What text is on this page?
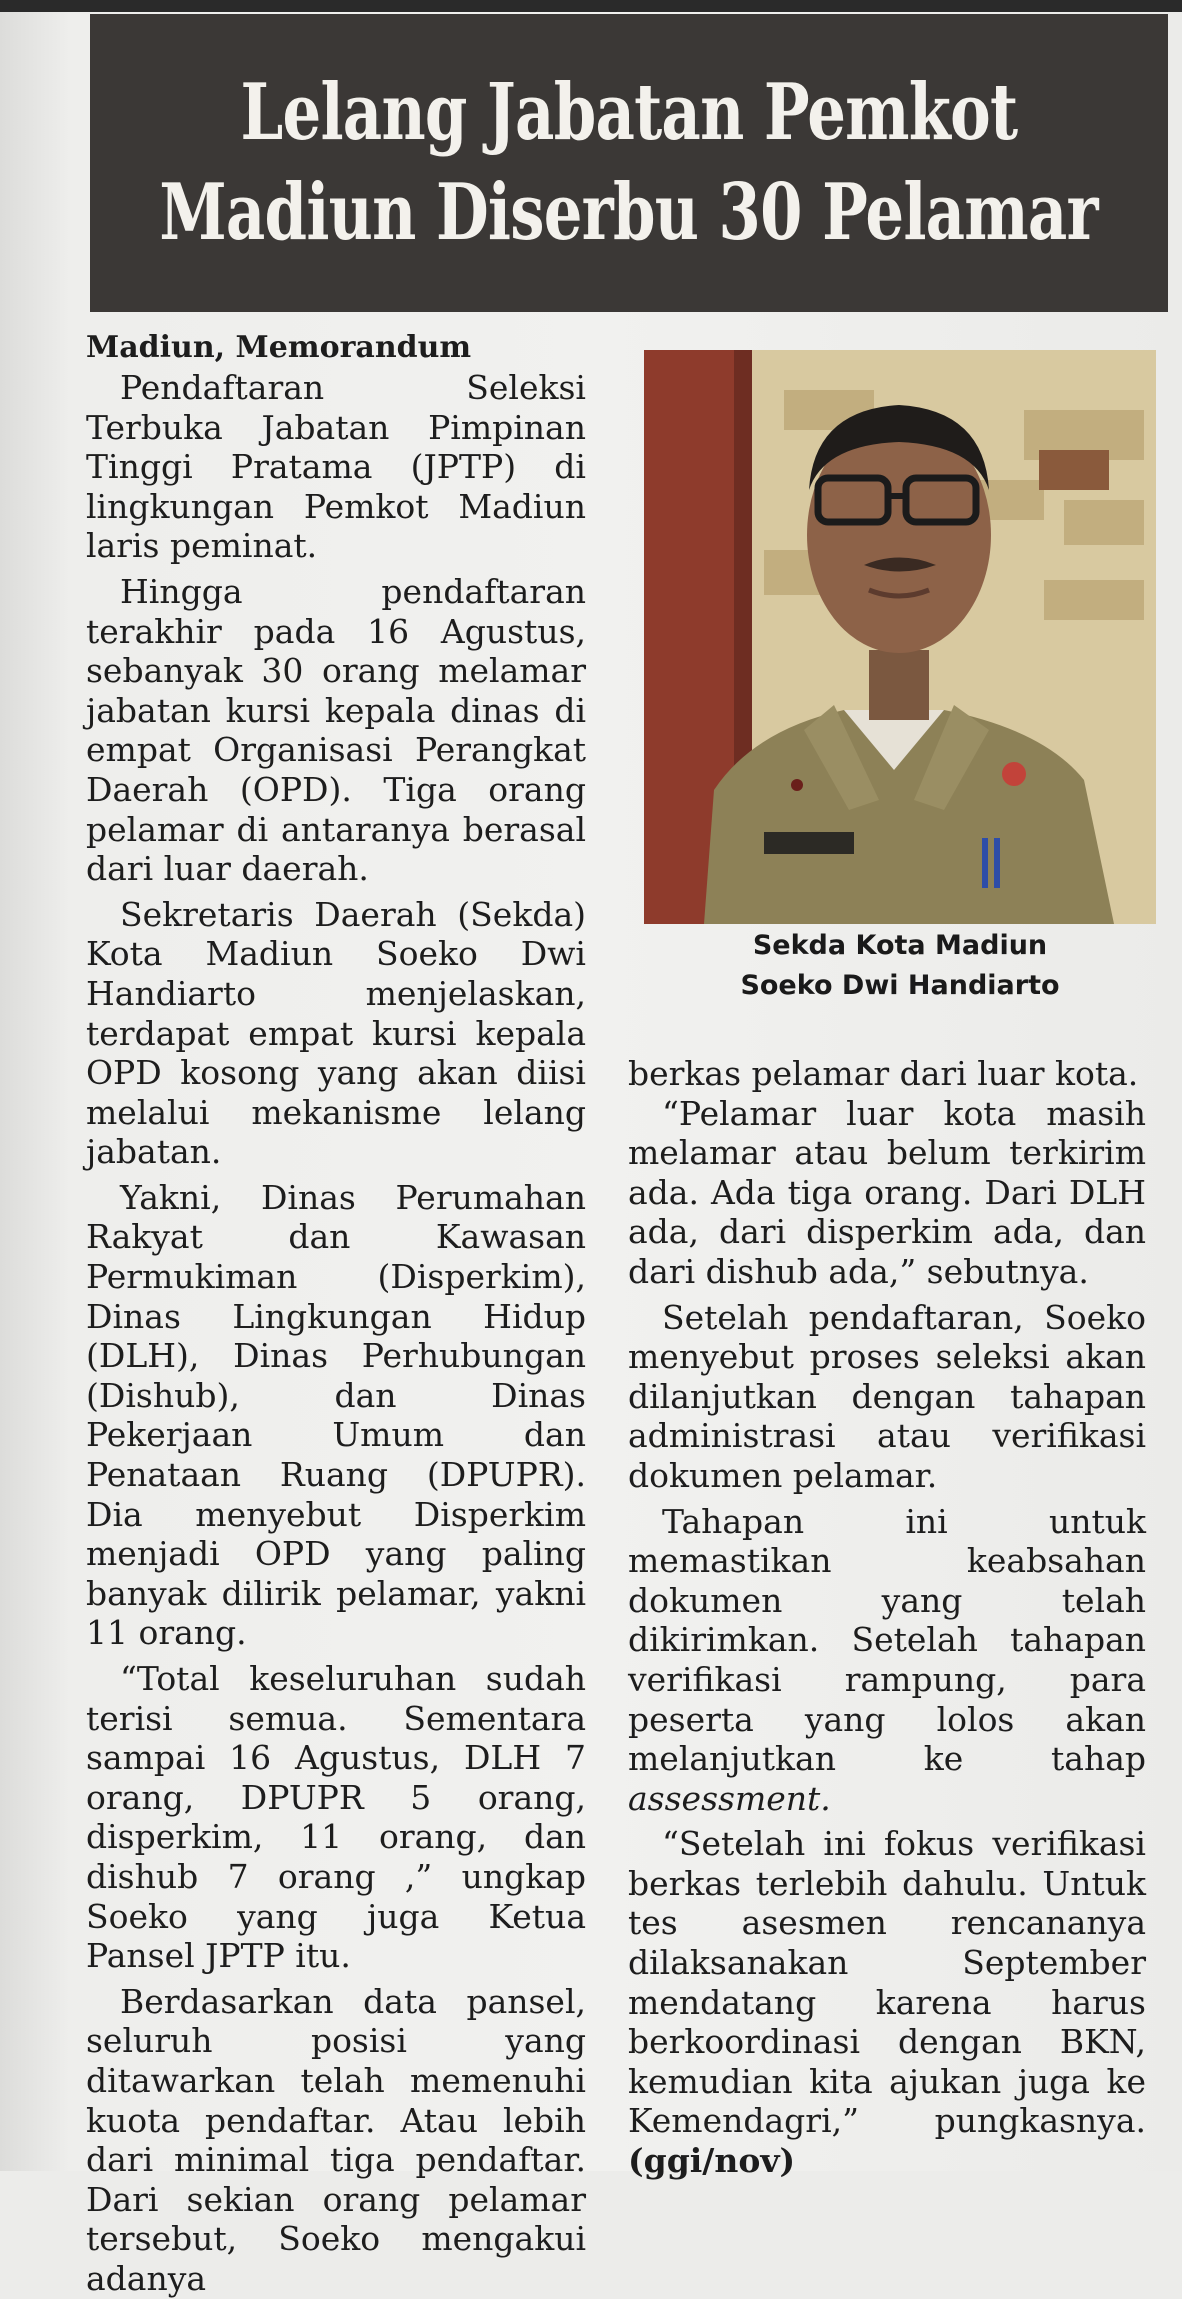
Lelang Jabatan Pemkot
Madiun Diserbu 30 Pelamar

Madiun, Memorandum

Pendaftaran Seleksi Terbuka Jabatan Pimpinan Tinggi Pratama (JPTP) di lingkungan Pemkot Madiun laris peminat.

Hingga pendaftaran terakhir pada 16 Agustus, sebanyak 30 orang melamar jabatan kursi kepala dinas di empat Organisasi Perangkat Daerah (OPD). Tiga orang pelamar di antaranya berasal dari luar daerah.

Sekretaris Daerah (Sekda) Kota Madiun Soeko Dwi Handiarto menjelaskan, terdapat empat kursi kepala OPD kosong yang akan diisi melalui mekanisme lelang jabatan.

Yakni, Dinas Perumahan Rakyat dan Kawasan Permukiman (Disperkim), Dinas Lingkungan Hidup (DLH), Dinas Perhubungan (Dishub), dan Dinas Pekerjaan Umum dan Penataan Ruang (DPUPR). Dia menyebut Disperkim menjadi OPD yang paling banyak dilirik pelamar, yakni 11 orang.

“Total keseluruhan sudah terisi semua. Sementara sampai 16 Agustus, DLH 7 orang, DPUPR 5 orang, disperkim, 11 orang, dan dishub 7 orang ,” ungkap Soeko yang juga Ketua Pansel JPTP itu.

Berdasarkan data pansel, seluruh posisi yang ditawarkan telah memenuhi kuota pendaftar. Atau lebih dari minimal tiga pendaftar. Dari sekian orang pelamar tersebut, Soeko mengakui adanya

Sekda Kota Madiun
Soeko Dwi Handiarto

berkas pelamar dari luar kota.

“Pelamar luar kota masih melamar atau belum terkirim ada. Ada tiga orang. Dari DLH ada, dari disperkim ada, dan dari dishub ada,” sebutnya.

Setelah pendaftaran, Soeko menyebut proses seleksi akan dilanjutkan dengan tahapan administrasi atau verifikasi dokumen pelamar.

Tahapan ini untuk memastikan keabsahan dokumen yang telah dikirimkan. Setelah tahapan verifikasi rampung, para peserta yang lolos akan melanjutkan ke tahap assessment.

“Setelah ini fokus verifikasi berkas terlebih dahulu. Untuk tes asesmen rencananya dilaksanakan September mendatang karena harus berkoordinasi dengan BKN, kemudian kita ajukan juga ke Kemendagri,” pungkasnya. (ggi/nov)
